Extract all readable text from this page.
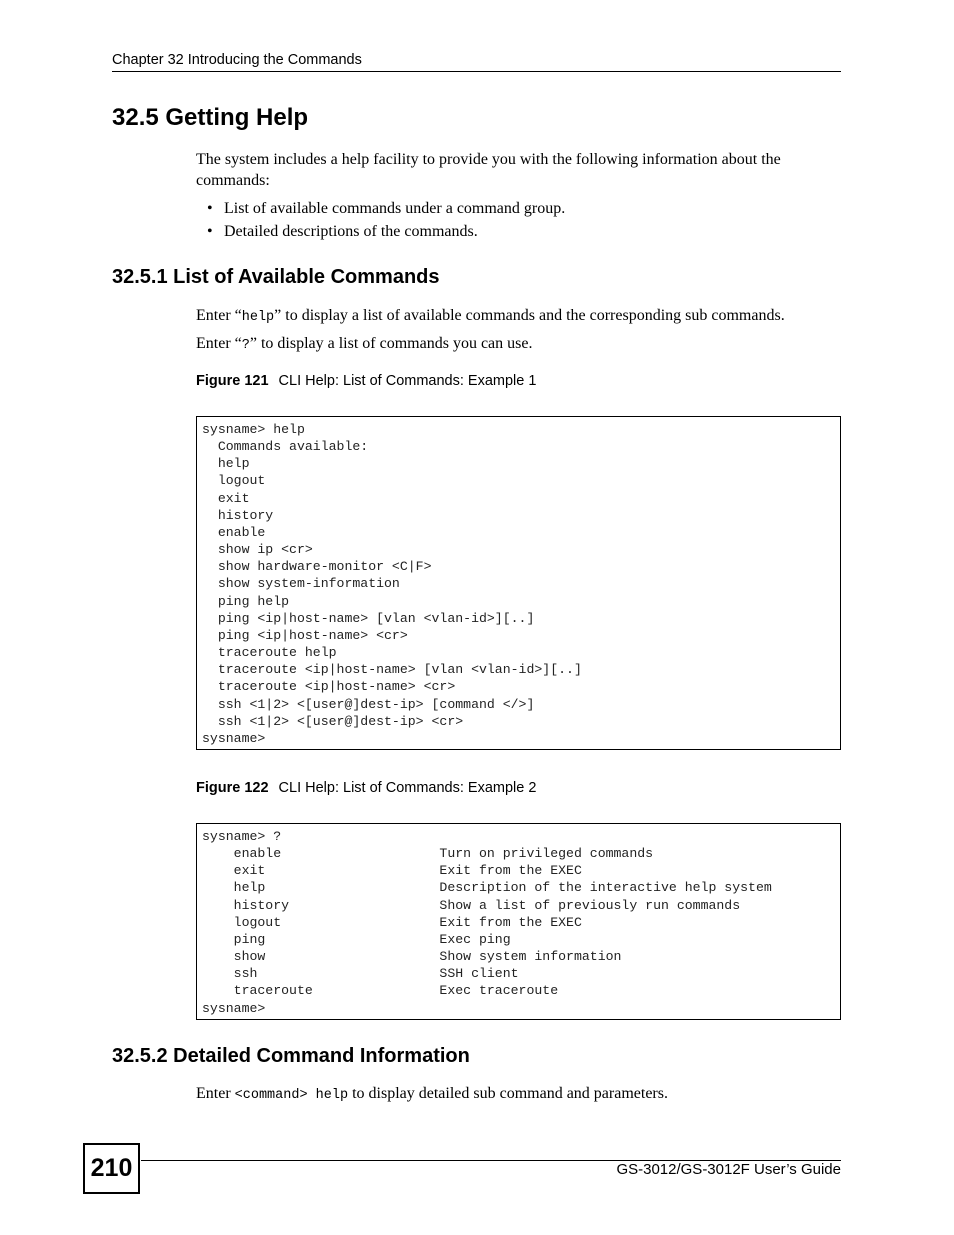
Chapter 32 Introducing the Commands
32.5 Getting Help
The system includes a help facility to provide you with the following information about the commands:
• List of available commands under a command group.
• Detailed descriptions of the commands.
32.5.1 List of Available Commands
Enter “help” to display a list of available commands and the corresponding sub commands.
Enter “?” to display a list of commands you can use.
Figure 121 CLI Help: List of Commands: Example 1
sysname> help
Commands available:
help
logout
exit
history
enable
show ip <cr>
show hardware-monitor <C|F>
show system-information
ping help
ping <ip|host-name> [vlan <vlan-id>][..]
ping <ip|host-name> <cr>
traceroute help
traceroute <ip|host-name> [vlan <vlan-id>][..]
traceroute <ip|host-name> <cr>
ssh <1|2> <[user@]dest-ip> [command </>]
ssh <1|2> <[user@]dest-ip> <cr>
sysname>
Figure 122 CLI Help: List of Commands: Example 2
sysname> ?
enable                    Turn on privileged commands
exit                      Exit from the EXEC
help                      Description of the interactive help system
history                   Show a list of previously run commands
logout                    Exit from the EXEC
ping                      Exec ping
show                      Show system information
ssh                       SSH client
traceroute                Exec traceroute
sysname>
32.5.2 Detailed Command Information
Enter <command> help to display detailed sub command and parameters.
210	GS-3012/GS-3012F User’s Guide
